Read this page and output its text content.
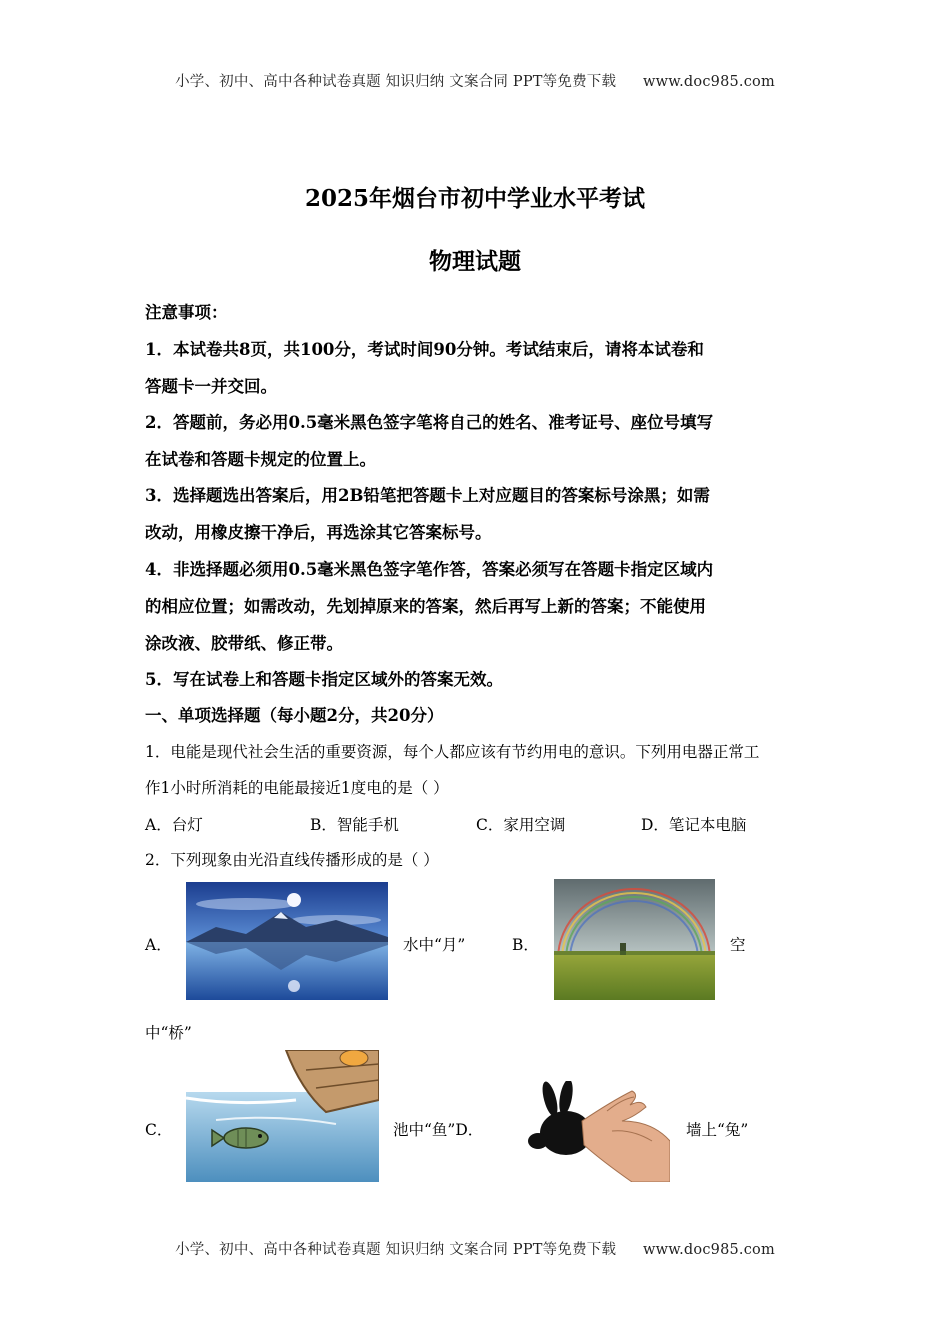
小学、初中、高中各种试卷真题 知识归纳 文案合同 PPT等免费下载 www.doc985.com
2025年烟台市初中学业水平考试
物理试题
注意事项：
1．本试卷共8页，共100分，考试时间90分钟。考试结束后，请将本试卷和
答题卡一并交回。
2．答题前，务必用0.5毫米黑色签字笔将自己的姓名、准考证号、座位号填写
在试卷和答题卡规定的位置上。
3．选择题选出答案后，用2B铅笔把答题卡上对应题目的答案标号涂黑；如需
改动，用橡皮擦干净后，再选涂其它答案标号。
4．非选择题必须用0.5毫米黑色签字笔作答，答案必须写在答题卡指定区域内
的相应位置；如需改动，先划掉原来的答案，然后再写上新的答案；不能使用
涂改液、胶带纸、修正带。
5．写在试卷上和答题卡指定区域外的答案无效。
一、单项选择题（每小题2分，共20分）
1．电能是现代社会生活的重要资源，每个人都应该有节约用电的意识。下列用电器正常工
作1小时所消耗的电能最接近1度电的是（ ）
A．台灯	B．智能手机	C．家用空调	D．笔记本电脑
2．下列现象由光沿直线传播形成的是（ ）
A．	水中“月”	B．	空
中“桥”
C．	池中“鱼”D．	墙上“兔”
小学、初中、高中各种试卷真题 知识归纳 文案合同 PPT等免费下载 www.doc985.com
